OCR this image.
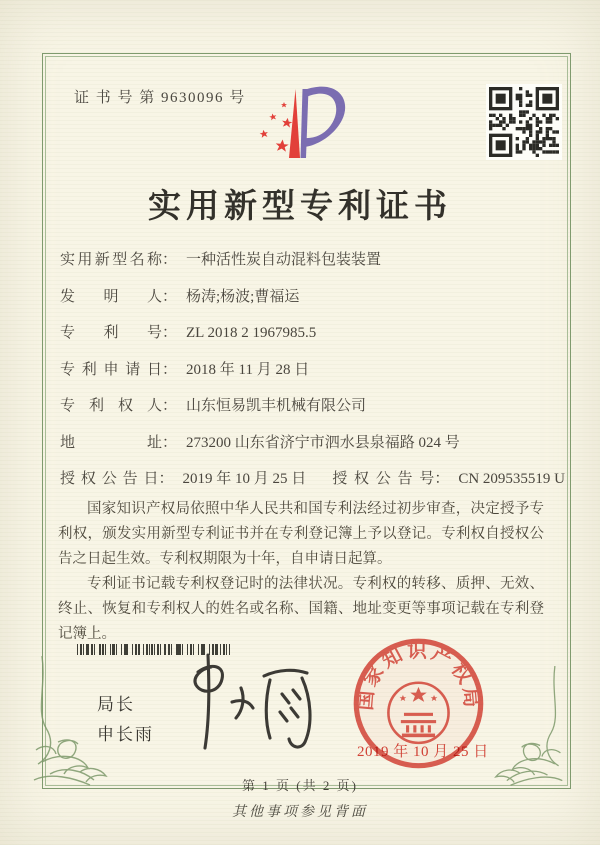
证 书 号 第 9630096 号
实用新型专利证书
实用新型名称 ： 一种活性炭自动混料包装装置
发明人 ： 杨涛;杨波;曹福运
专利号 ： ZL 2018 2 1967985.5
专利申请日 ： 2018 年 11 月 28 日
专利权人 ： 山东恒易凯丰机械有限公司
地址 ： 273200 山东省济宁市泗水县泉福路 024 号
授权公告日 ： 2019 年 10 月 25 日 授权公告号 ： CN 209535519 U

国家知识产权局依照中华人民共和国专利法经过初步审查，决定授予专利权，颁发实用新型专利证书并在专利登记簿上予以登记。专利权自授权公告之日起生效。专利权期限为十年，自申请日起算。

专利证书记载专利权登记时的法律状况。专利权的转移、质押、无效、终止、恢复和专利权人的姓名或名称、国籍、地址变更等事项记载在专利登记簿上。

局长
申长雨
国家知识产权局
2019 年 10 月 25 日
第 1 页 (共 2 页)
其他事项参见背面
